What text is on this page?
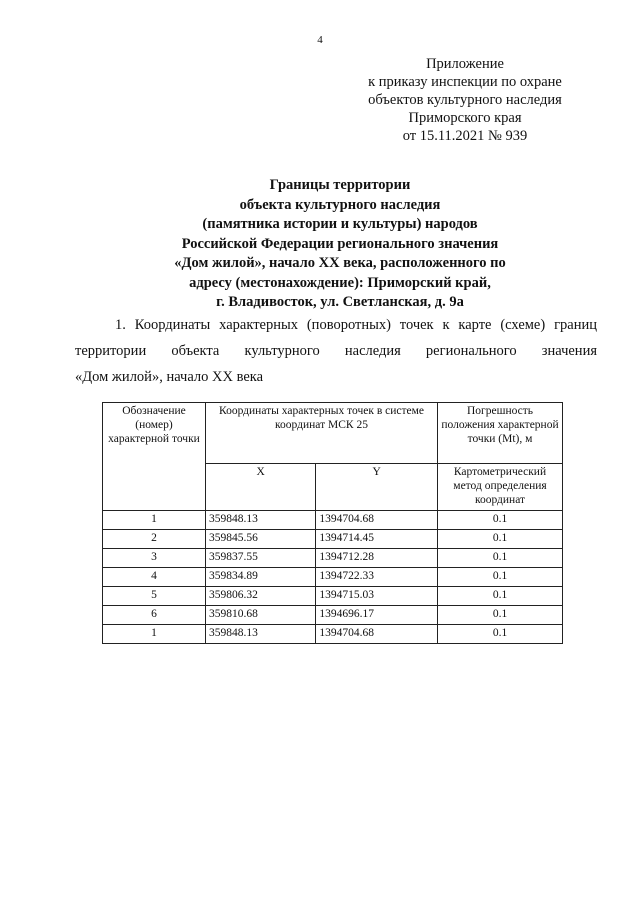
4
Приложение
к приказу инспекции по охране
объектов культурного наследия
Приморского края
от 15.11.2021 № 939
Границы территории
объекта культурного наследия
(памятника истории и культуры) народов
Российской Федерации регионального значения
«Дом жилой», начало XX века, расположенного по
адресу (местонахождение): Приморский край,
г. Владивосток, ул. Светланская, д. 9а
1. Координаты характерных (поворотных) точек к карте (схеме) границ
территории объекта культурного наследия регионального значения
«Дом жилой», начало XX века
Обозначение (номер) характерной точки	Координаты характерных точек в системе координат МСК 25		Погрешность положения характерной точки (Mt), м
	X	Y	Картометрический метод определения координат
1	359848.13	1394704.68	0.1
2	359845.56	1394714.45	0.1
3	359837.55	1394712.28	0.1
4	359834.89	1394722.33	0.1
5	359806.32	1394715.03	0.1
6	359810.68	1394696.17	0.1
1	359848.13	1394704.68	0.1
